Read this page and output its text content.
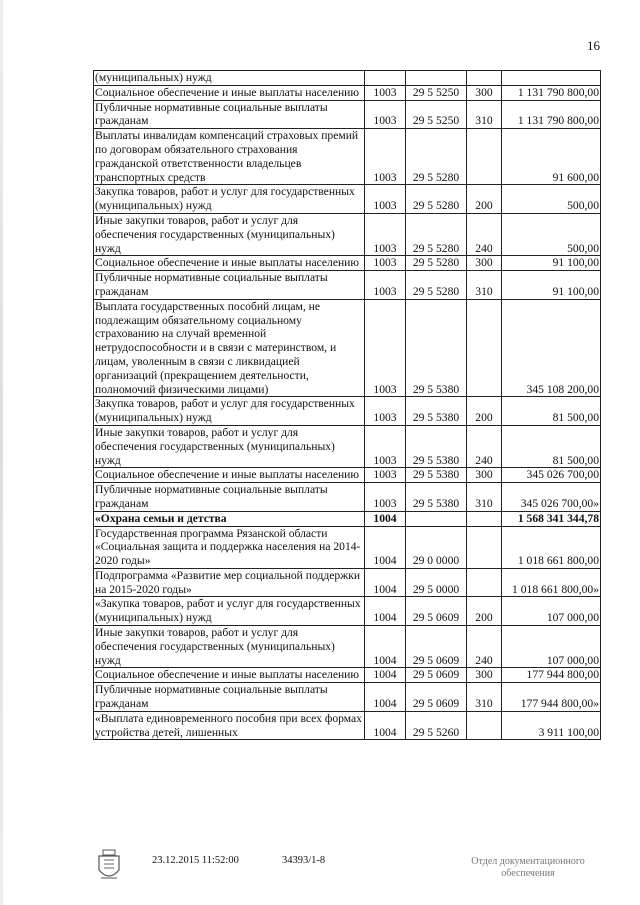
16
(муниципальных) нужд				
Социальное обеспечение и иные выплаты населению	1003	29 5 5250	300	1 131 790 800,00
Публичные нормативные социальные выплаты гражданам	1003	29 5 5250	310	1 131 790 800,00
Выплаты инвалидам компенсаций страховых премий по договорам обязательного страхования гражданской ответственности владельцев транспортных средств	1003	29 5 5280		91 600,00
Закупка товаров, работ и услуг для государственных (муниципальных) нужд	1003	29 5 5280	200	500,00
Иные закупки товаров, работ и услуг для обеспечения государственных (муниципальных) нужд	1003	29 5 5280	240	500,00
Социальное обеспечение и иные выплаты населению	1003	29 5 5280	300	91 100,00
Публичные нормативные социальные выплаты гражданам	1003	29 5 5280	310	91 100,00
Выплата государственных пособий лицам, не подлежащим обязательному социальному страхованию на случай временной нетрудоспособности и в связи с материнством, и лицам, уволенным в связи с ликвидацией организаций (прекращением деятельности, полномочий физическими лицами)	1003	29 5 5380		345 108 200,00
Закупка товаров, работ и услуг для государственных (муниципальных) нужд	1003	29 5 5380	200	81 500,00
Иные закупки товаров, работ и услуг для обеспечения государственных (муниципальных) нужд	1003	29 5 5380	240	81 500,00
Социальное обеспечение и иные выплаты населению	1003	29 5 5380	300	345 026 700,00
Публичные нормативные социальные выплаты гражданам	1003	29 5 5380	310	345 026 700,00»
«Охрана семьи и детства	1004			1 568 341 344,78
Государственная программа Рязанской области «Социальная защита и поддержка населения на 2014-2020 годы»	1004	29 0 0000		1 018 661 800,00
Подпрограмма «Развитие мер социальной поддержки на 2015-2020 годы»	1004	29 5 0000		1 018 661 800,00»
«Закупка товаров, работ и услуг для государственных (муниципальных) нужд	1004	29 5 0609	200	107 000,00
Иные закупки товаров, работ и услуг для обеспечения государственных (муниципальных) нужд	1004	29 5 0609	240	107 000,00
Социальное обеспечение и иные выплаты населению	1004	29 5 0609	300	177 944 800,00
Публичные нормативные социальные выплаты гражданам	1004	29 5 0609	310	177 944 800,00»
«Выплата единовременного пособия при всех формах устройства детей, лишенных	1004	29 5 5260		3 911 100,00
23.12.2015 11:52:00	34393/1-8	Отдел документационного обеспечения
